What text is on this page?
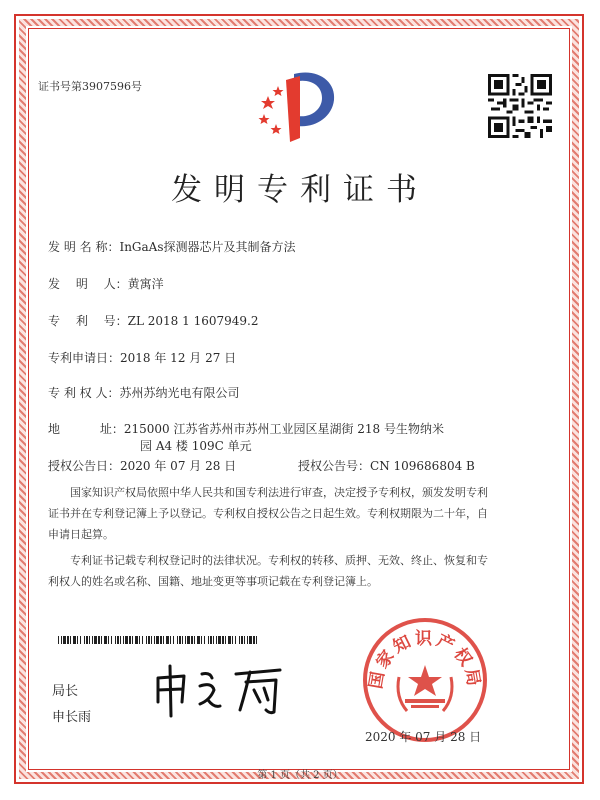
证书号第3907596号
发明专利证书
发 明 名 称：InGaAs探测器芯片及其制备方法
发　 明　 人：黄寓洋
专　 利　 号：ZL 2018 1 1607949.2
专利申请日：2018 年 12 月 27 日
专 利 权 人：苏州苏纳光电有限公司
地　　　 址：215000 江苏省苏州市苏州工业园区星湖街 218 号生物纳米
园 A4 楼 109C 单元
授权公告日：2020 年 07 月 28 日	授权公告号：CN 109686804 B
国家知识产权局依照中华人民共和国专利法进行审查，决定授予专利权，颁发发明专利
证书并在专利登记簿上予以登记。专利权自授权公告之日起生效。专利权期限为二十年，自
申请日起算。
专利证书记载专利权登记时的法律状况。专利权的转移、质押、无效、终止、恢复和专
利权人的姓名或名称、国籍、地址变更等事项记载在专利登记簿上。
局长
申长雨
国家知识产权局
2020 年 07 月 28 日
第 1 页（共 2 页）
